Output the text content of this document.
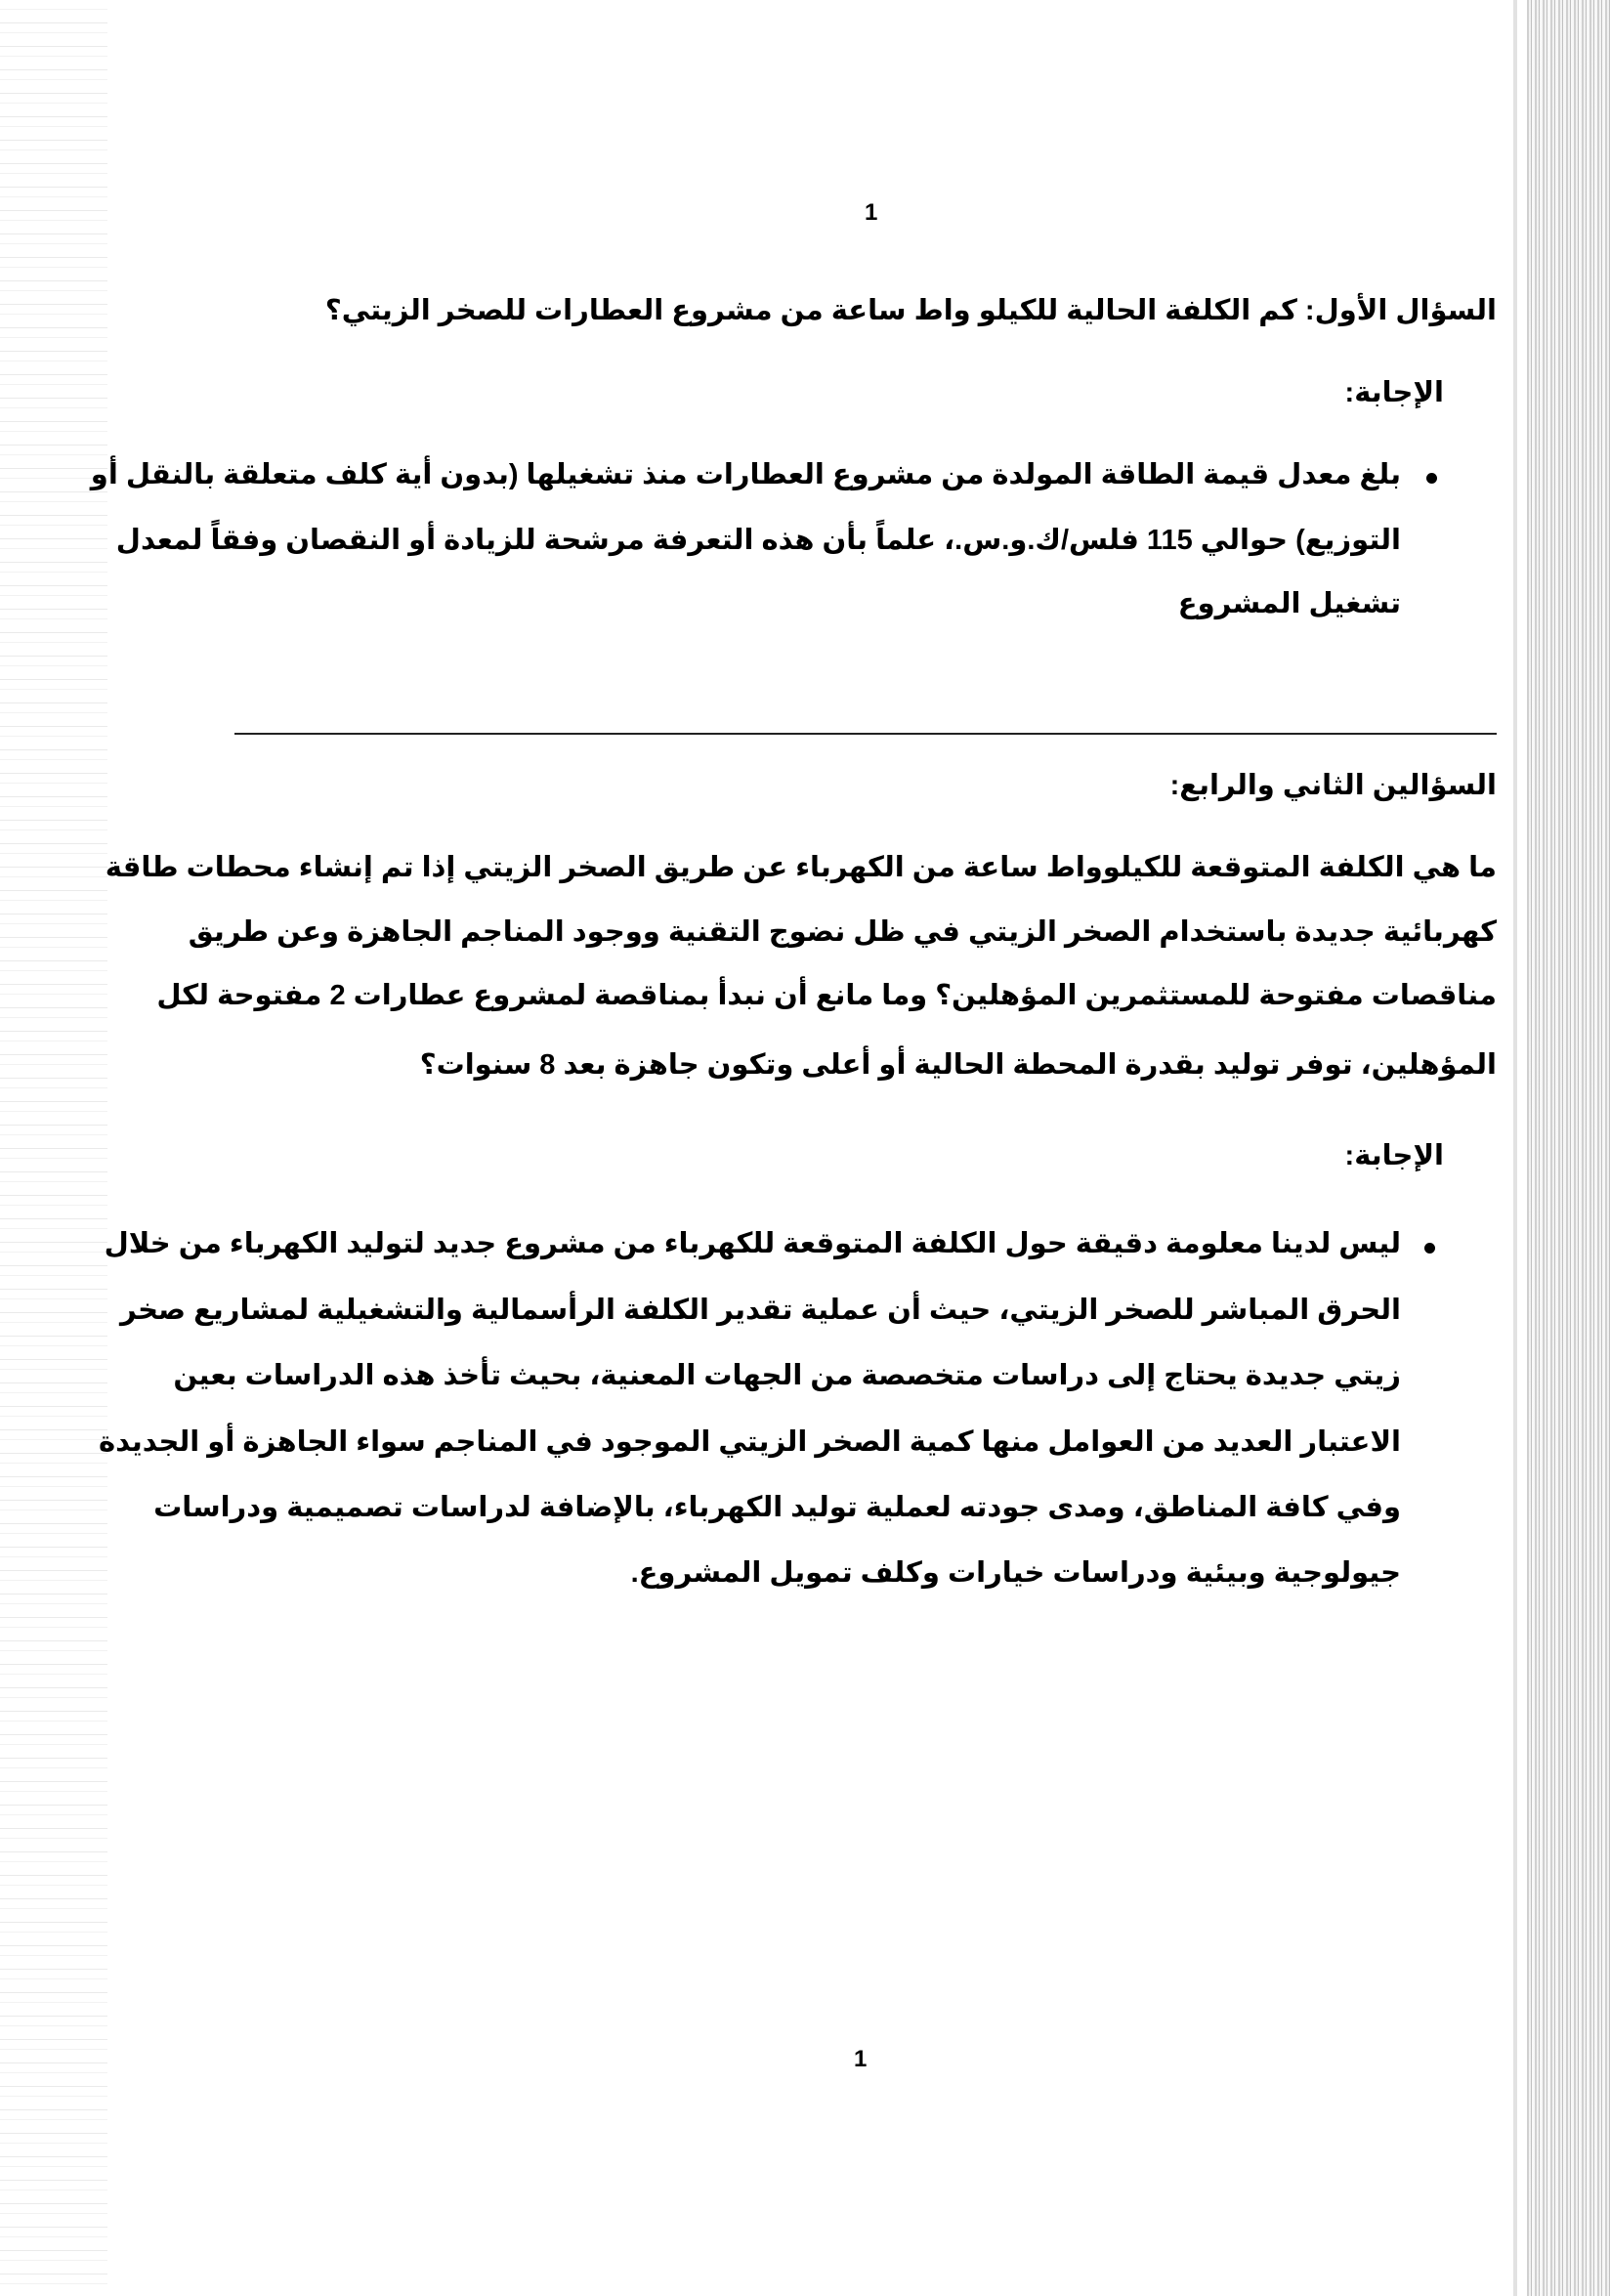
1
السؤال الأول: كم الكلفة الحالية للكيلو واط ساعة من مشروع العطارات للصخر الزيتي؟
الإجابة:
بلغ معدل قيمة الطاقة المولدة من مشروع العطارات منذ تشغيلها (بدون أية كلف متعلقة بالنقل أو
التوزيع) حوالي 115 فلس/ك.و.س.، علماً بأن هذه التعرفة مرشحة للزيادة أو النقصان وفقاً لمعدل
تشغيل المشروع
السؤالين الثاني والرابع:
ما هي الكلفة المتوقعة للكيلوواط ساعة من الكهرباء عن طريق الصخر الزيتي إذا تم إنشاء محطات طاقة
كهربائية جديدة باستخدام الصخر الزيتي في ظل نضوج التقنية ووجود المناجم الجاهزة وعن طريق
مناقصات مفتوحة للمستثمرين المؤهلين؟ وما مانع أن نبدأ بمناقصة لمشروع عطارات 2 مفتوحة لكل
المؤهلين، توفر توليد بقدرة المحطة الحالية أو أعلى وتكون جاهزة بعد 8 سنوات؟
الإجابة:
ليس لدينا معلومة دقيقة حول الكلفة المتوقعة للكهرباء من مشروع جديد لتوليد الكهرباء من خلال
الحرق المباشر للصخر الزيتي، حيث أن عملية تقدير الكلفة الرأسمالية والتشغيلية لمشاريع صخر
زيتي جديدة يحتاج إلى دراسات متخصصة من الجهات المعنية، بحيث تأخذ هذه الدراسات بعين
الاعتبار العديد من العوامل منها كمية الصخر الزيتي الموجود في المناجم سواء الجاهزة أو الجديدة
وفي كافة المناطق، ومدى جودته لعملية توليد الكهرباء، بالإضافة لدراسات تصميمية ودراسات
جيولوجية وبيئية ودراسات خيارات وكلف تمويل المشروع.
1
